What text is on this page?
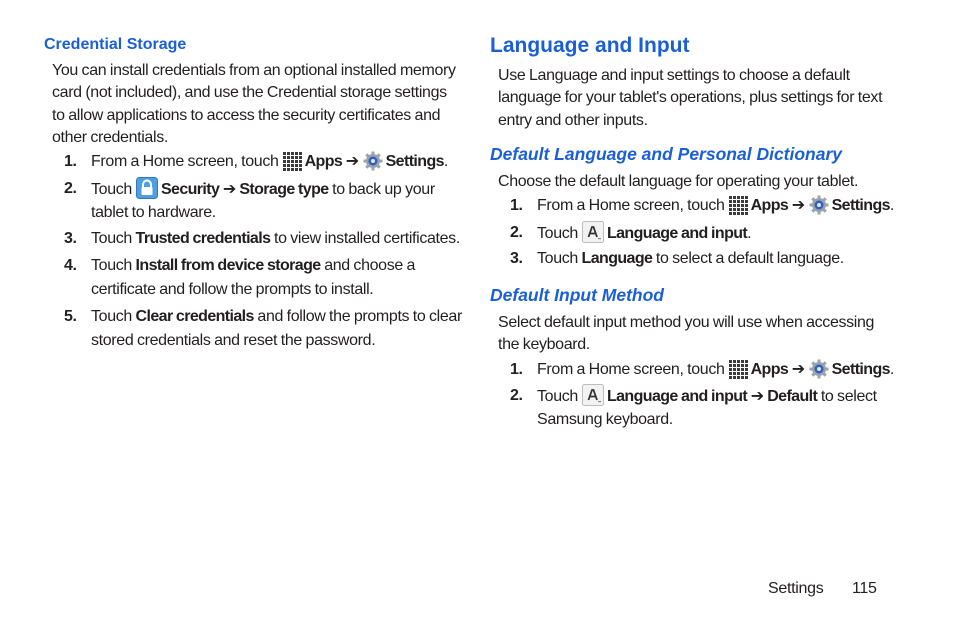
Credential Storage
You can install credentials from an optional installed memory
card (not included), and use the Credential storage settings
to allow applications to access the security certificates and
other credentials.
1. From a Home screen, touch Apps ➔ Settings.
2. Touch Security ➔ Storage type to back up your
tablet to hardware.
3. Touch Trusted credentials to view installed certificates.
4. Touch Install from device storage and choose a
certificate and follow the prompts to install.
5. Touch Clear credentials and follow the prompts to clear
stored credentials and reset the password.
Language and Input
Use Language and input settings to choose a default
language for your tablet's operations, plus settings for text
entry and other inputs.
Default Language and Personal Dictionary
Choose the default language for operating your tablet.
1. From a Home screen, touch Apps ➔ Settings.
2. Touch Language and input.
3. Touch Language to select a default language.
Default Input Method
Select default input method you will use when accessing
the keyboard.
1. From a Home screen, touch Apps ➔ Settings.
2. Touch Language and input ➔ Default to select
Samsung keyboard.
Settings 115
